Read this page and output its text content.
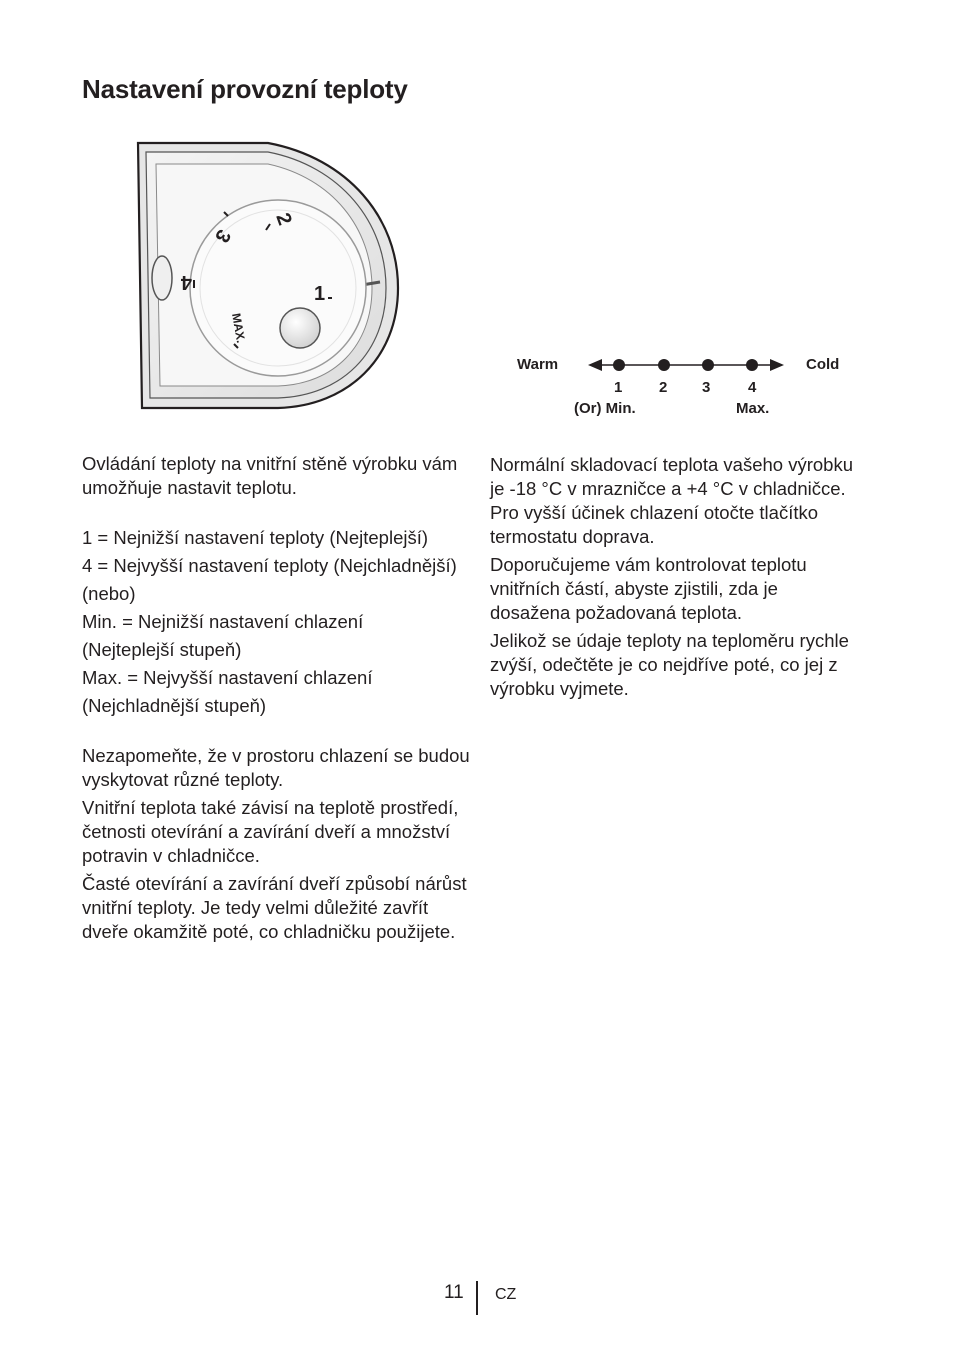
Nastavení provozní teploty
2
3
4
1
MAX.
Warm	Cold
1 2 3	4
(Or) Min.	Max.

Ovládání teploty na vnitřní stěně výrobku vám umožňuje nastavit teplotu.

1 = Nejnižší nastavení teploty (Nejteplejší)

4 = Nejvyšší nastavení teploty (Nejchladnější)

(nebo)

Min. = Nejnižší nastavení chlazení

(Nejteplejší stupeň)

Max. = Nejvyšší nastavení chlazení

(Nejchladnější stupeň)

Nezapomeňte, že v prostoru chlazení se budou vyskytovat různé teploty.

Vnitřní teplota také závisí na teplotě prostředí, četnosti otevírání a zavírání dveří a množství potravin v chladničce.

Časté otevírání a zavírání dveří způsobí nárůst vnitřní teploty. Je tedy velmi důležité zavřít dveře okamžitě poté, co chladničku použijete.

Normální skladovací teplota vašeho výrobku je -18 °C v mrazničce a +4 °C v chladničce. Pro vyšší účinek chlazení otočte tlačítko termostatu doprava.

Doporučujeme vám kontrolovat teplotu vnitřních částí, abyste zjistili, zda je dosažena požadovaná teplota.

Jelikož se údaje teploty na teploměru rychle zvýší, odečtěte je co nejdříve poté, co jej z výrobku vyjmete.

11 CZ
